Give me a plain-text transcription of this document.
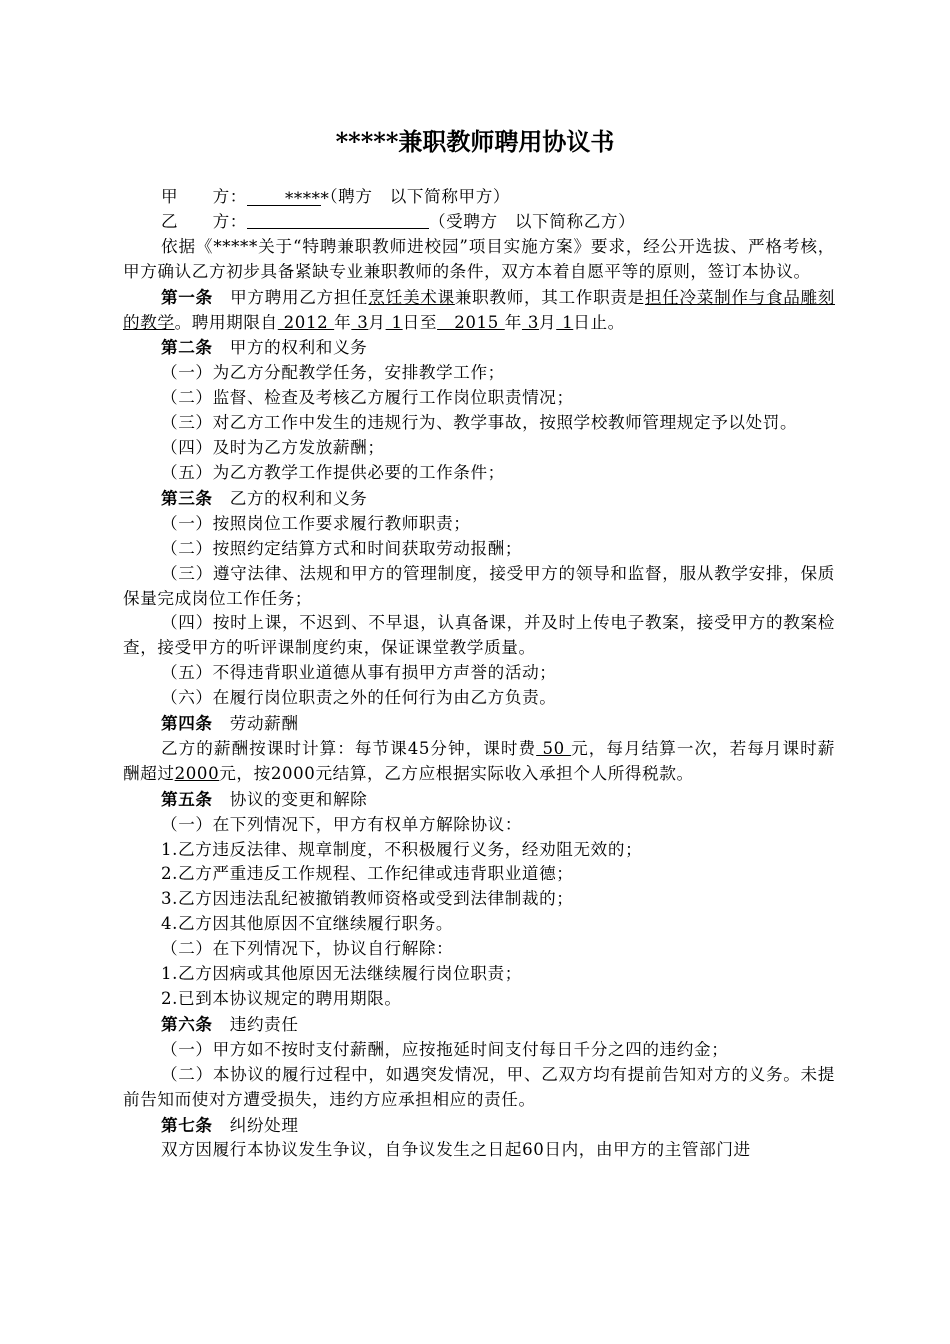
*****兼职教师聘用协议书

甲　　方： *****（聘方　以下简称甲方）

乙　　方：	（受聘方　以下简称乙方）

依据《*****关于“特聘兼职教师进校园”项目实施方案》要求，经公开选拔、严格考核，甲方确认乙方初步具备紧缺专业兼职教师的条件，双方本着自愿平等的原则，签订本协议。

第一条　甲方聘用乙方担任烹饪美术课兼职教师，其工作职责是担任冷菜制作与食品雕刻的教学。聘用期限自 2012 年 3月 1日至　2015 年 3月 1日止。

第二条　甲方的权利和义务

（一）为乙方分配教学任务，安排教学工作；

（二）监督、检查及考核乙方履行工作岗位职责情况；

（三）对乙方工作中发生的违规行为、教学事故，按照学校教师管理规定予以处罚。

（四）及时为乙方发放薪酬；

（五）为乙方教学工作提供必要的工作条件；

第三条　乙方的权利和义务

（一）按照岗位工作要求履行教师职责；

（二）按照约定结算方式和时间获取劳动报酬；

（三）遵守法律、法规和甲方的管理制度，接受甲方的领导和监督，服从教学安排，保质保量完成岗位工作任务；

（四）按时上课，不迟到、不早退，认真备课，并及时上传电子教案，接受甲方的教案检查，接受甲方的听评课制度约束，保证课堂教学质量。

（五）不得违背职业道德从事有损甲方声誉的活动；

（六）在履行岗位职责之外的任何行为由乙方负责。

第四条　劳动薪酬

乙方的薪酬按课时计算：每节课45分钟，课时费 50 元，每月结算一次，若每月课时薪酬超过2000元，按2000元结算，乙方应根据实际收入承担个人所得税款。

第五条　协议的变更和解除

（一）在下列情况下，甲方有权单方解除协议：

1.乙方违反法律、规章制度，不积极履行义务，经劝阻无效的；

2.乙方严重违反工作规程、工作纪律或违背职业道德；

3.乙方因违法乱纪被撤销教师资格或受到法律制裁的；

4.乙方因其他原因不宜继续履行职务。

（二）在下列情况下，协议自行解除：

1.乙方因病或其他原因无法继续履行岗位职责；

2.已到本协议规定的聘用期限。

第六条　违约责任

（一）甲方如不按时支付薪酬，应按拖延时间支付每日千分之四的违约金；

（二）本协议的履行过程中，如遇突发情况，甲、乙双方均有提前告知对方的义务。未提前告知而使对方遭受损失，违约方应承担相应的责任。

第七条　纠纷处理

双方因履行本协议发生争议，自争议发生之日起60日内，由甲方的主管部门进
